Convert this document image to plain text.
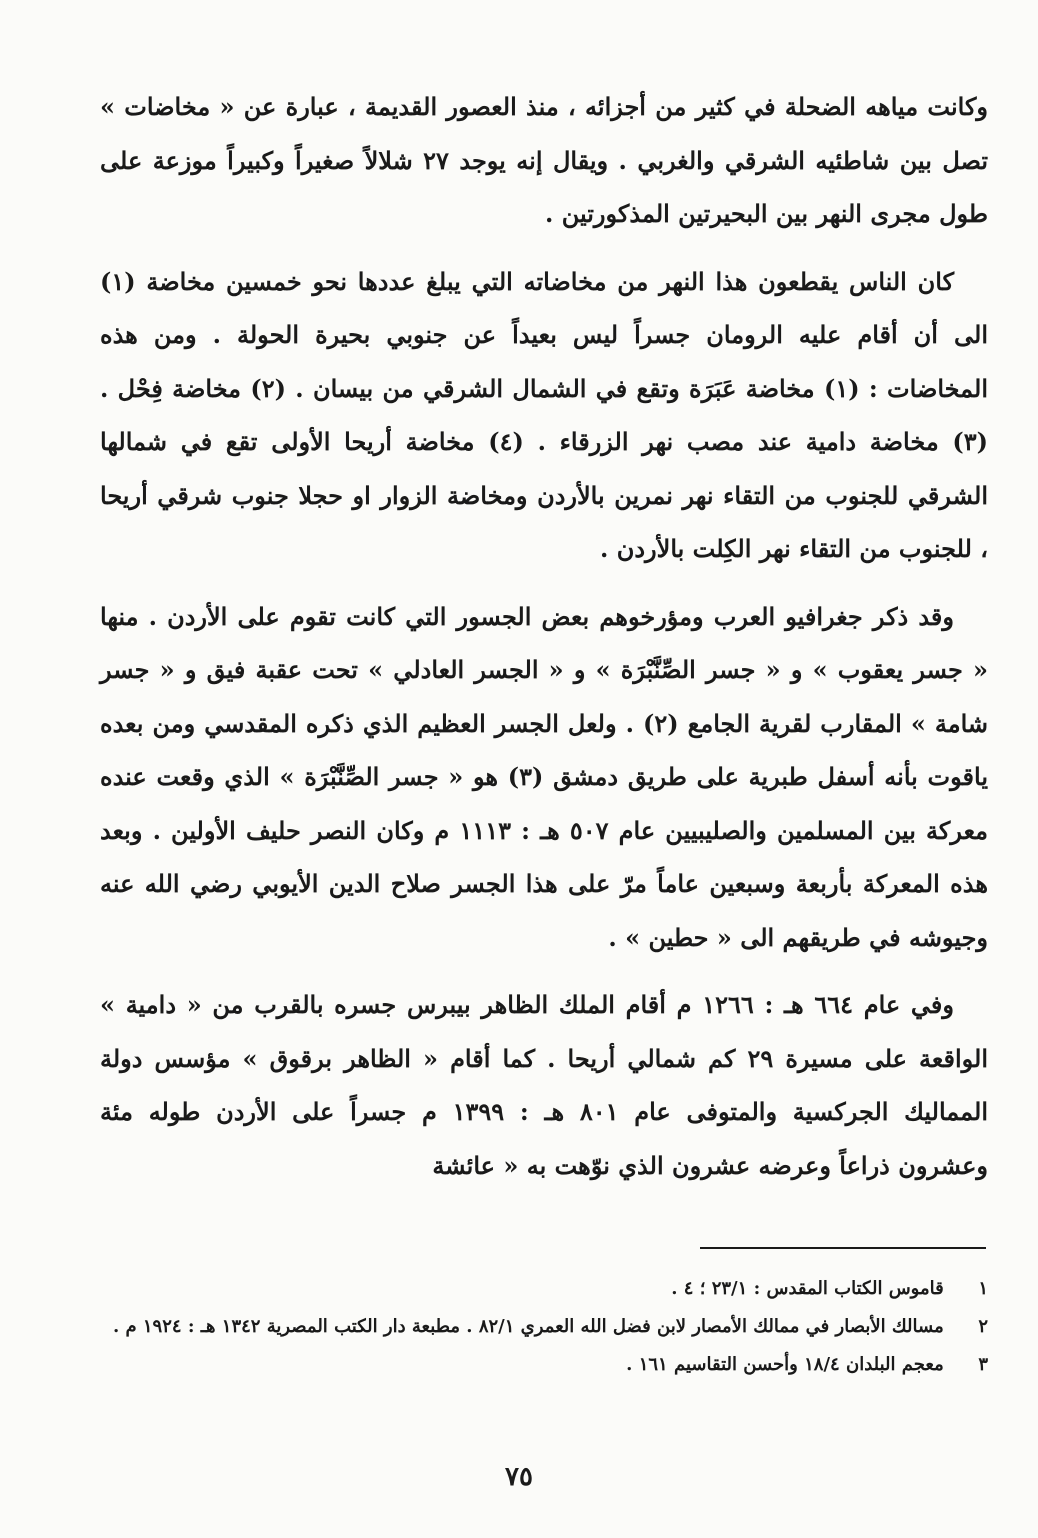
وكانت مياهه الضحلة في كثير من أجزائه ، منذ العصور القديمة ، عبارة عن « مخاضات » تصل بين شاطئيه الشرقي والغربي . ويقال إنه يوجد ٢٧ شلالاً صغيراً وكبيراً موزعة على طول مجرى النهر بين البحيرتين المذكورتين .

كان الناس يقطعون هذا النهر من مخاضاته التي يبلغ عددها نحو خمسين مخاضة (١) الى أن أقام عليه الرومان جسراً ليس بعيداً عن جنوبي بحيرة الحولة . ومن هذه المخاضات : (١) مخاضة عَبَرَة وتقع في الشمال الشرقي من بيسان . (٢) مخاضة فِحْل . (٣) مخاضة دامية عند مصب نهر الزرقاء . (٤) مخاضة أريحا الأولى تقع في شمالها الشرقي للجنوب من التقاء نهر نمرين بالأردن ومخاضة الزوار او حجلا جنوب شرقي أريحا ، للجنوب من التقاء نهر الكِلت بالأردن .

وقد ذكر جغرافيو العرب ومؤرخوهم بعض الجسور التي كانت تقوم على الأردن . منها « جسر يعقوب » و « جسر الصِّنَّبْرَة » و « الجسر العادلي » تحت عقبة فيق و « جسر شامة » المقارب لقرية الجامع (٢) . ولعل الجسر العظيم الذي ذكره المقدسي ومن بعده ياقوت بأنه أسفل طبرية على طريق دمشق (٣) هو « جسر الصِّنَّبْرَة » الذي وقعت عنده معركة بين المسلمين والصليبيين عام ٥٠٧ هـ : ١١١٣ م وكان النصر حليف الأولين . وبعد هذه المعركة بأربعة وسبعين عاماً مرّ على هذا الجسر صلاح الدين الأيوبي رضي الله عنه وجيوشه في طريقهم الى « حطين » .

وفي عام ٦٦٤ هـ : ١٢٦٦ م أقام الملك الظاهر بيبرس جسره بالقرب من « دامية » الواقعة على مسيرة ٢٩ كم شمالي أريحا . كما أقام « الظاهر برقوق » مؤسس دولة المماليك الجركسية والمتوفى عام ٨٠١ هـ : ١٣٩٩ م جسراً على الأردن طوله مئة وعشرون ذراعاً وعرضه عشرون الذي نوّهت به « عائشة

١ قاموس الكتاب المقدس : ٢٣/١ ؛ ٤ .

٢ مسالك الأبصار في ممالك الأمصار لابن فضل الله العمري ٨٢/١ . مطبعة دار الكتب المصرية ١٣٤٢ هـ : ١٩٢٤ م .

٣ معجم البلدان ١٨/٤ وأحسن التقاسيم ١٦١ .

٧٥
